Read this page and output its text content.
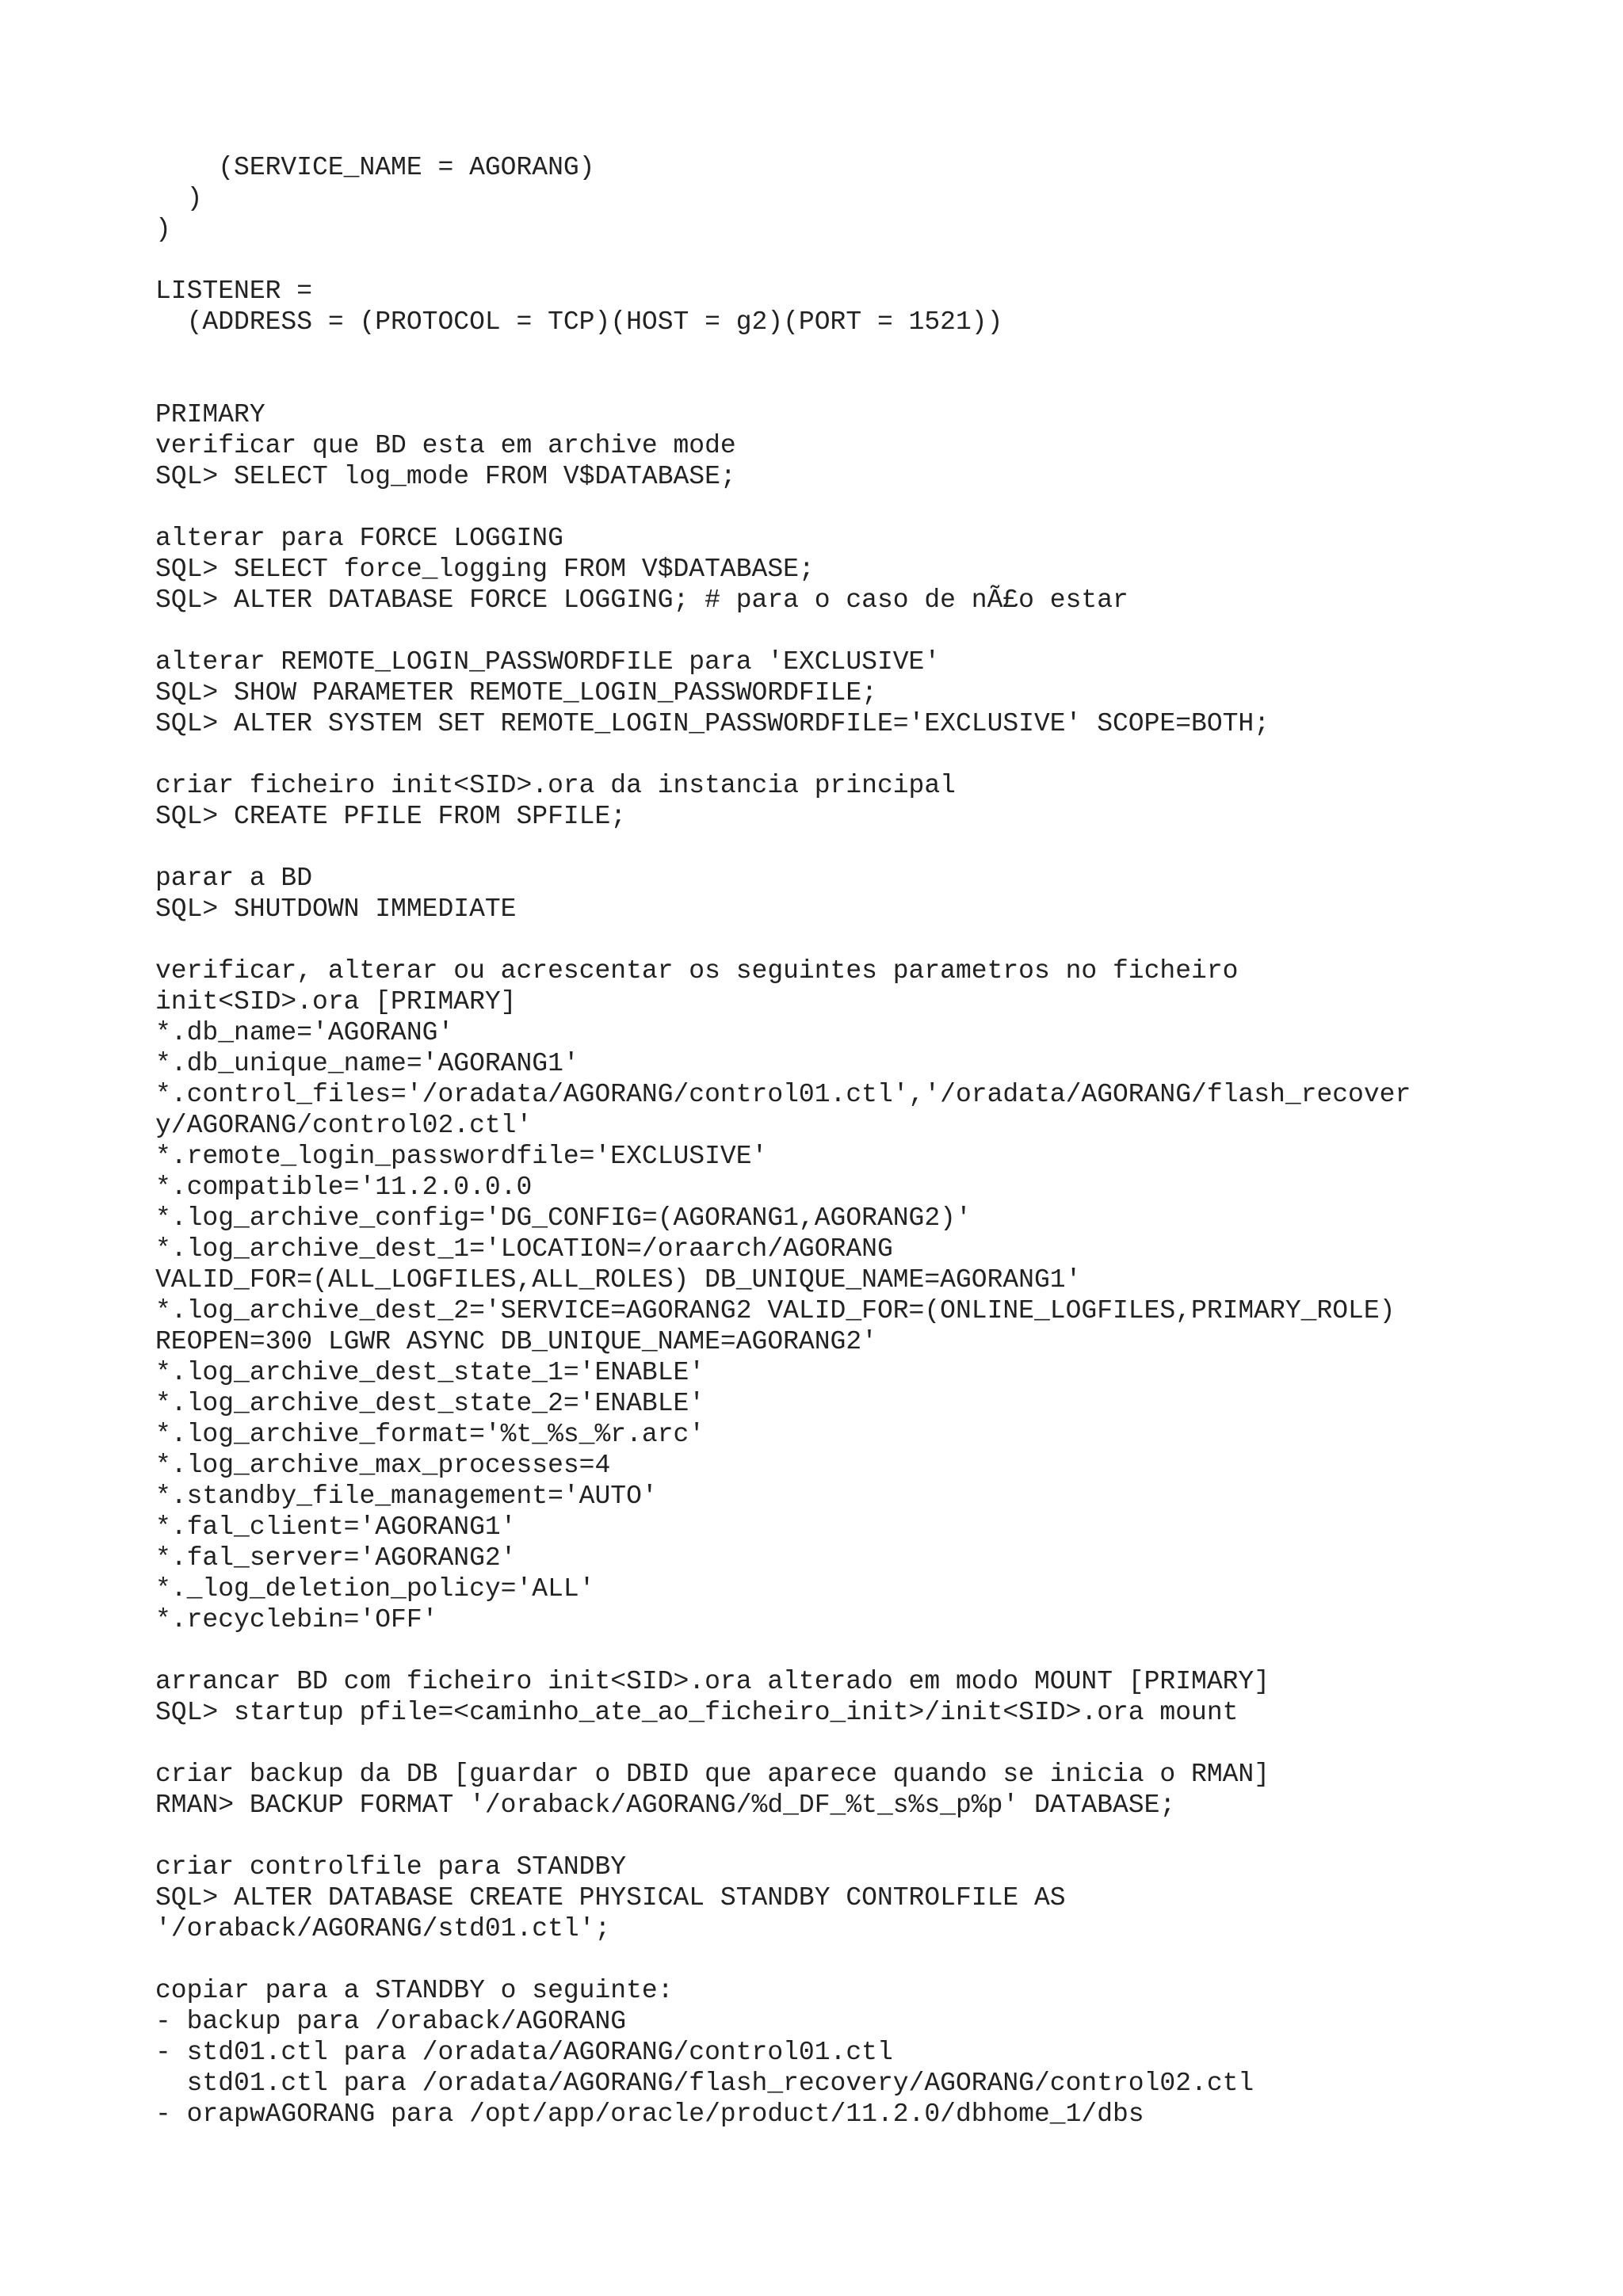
(SERVICE_NAME = AGORANG)
)
)

LISTENER =
(ADDRESS = (PROTOCOL = TCP)(HOST = g2)(PORT = 1521))

PRIMARY
verificar que BD esta em archive mode
SQL> SELECT log_mode FROM V$DATABASE;

alterar para FORCE LOGGING
SQL> SELECT force_logging FROM V$DATABASE;
SQL> ALTER DATABASE FORCE LOGGING; # para o caso de nÃ£o estar

alterar REMOTE_LOGIN_PASSWORDFILE para 'EXCLUSIVE'
SQL> SHOW PARAMETER REMOTE_LOGIN_PASSWORDFILE;
SQL> ALTER SYSTEM SET REMOTE_LOGIN_PASSWORDFILE='EXCLUSIVE' SCOPE=BOTH;

criar ficheiro init<SID>.ora da instancia principal
SQL> CREATE PFILE FROM SPFILE;

parar a BD
SQL> SHUTDOWN IMMEDIATE

verificar, alterar ou acrescentar os seguintes parametros no ficheiro
init<SID>.ora [PRIMARY]
*.db_name='AGORANG'
*.db_unique_name='AGORANG1'
*.control_files='/oradata/AGORANG/control01.ctl','/oradata/AGORANG/flash_recover
y/AGORANG/control02.ctl'
*.remote_login_passwordfile='EXCLUSIVE'
*.compatible='11.2.0.0.0
*.log_archive_config='DG_CONFIG=(AGORANG1,AGORANG2)'
*.log_archive_dest_1='LOCATION=/oraarch/AGORANG
VALID_FOR=(ALL_LOGFILES,ALL_ROLES) DB_UNIQUE_NAME=AGORANG1'
*.log_archive_dest_2='SERVICE=AGORANG2 VALID_FOR=(ONLINE_LOGFILES,PRIMARY_ROLE)
REOPEN=300 LGWR ASYNC DB_UNIQUE_NAME=AGORANG2'
*.log_archive_dest_state_1='ENABLE'
*.log_archive_dest_state_2='ENABLE'
*.log_archive_format='%t_%s_%r.arc'
*.log_archive_max_processes=4
*.standby_file_management='AUTO'
*.fal_client='AGORANG1'
*.fal_server='AGORANG2'
*._log_deletion_policy='ALL'
*.recyclebin='OFF'

arrancar BD com ficheiro init<SID>.ora alterado em modo MOUNT [PRIMARY]
SQL> startup pfile=<caminho_ate_ao_ficheiro_init>/init<SID>.ora mount

criar backup da DB [guardar o DBID que aparece quando se inicia o RMAN]
RMAN> BACKUP FORMAT '/oraback/AGORANG/%d_DF_%t_s%s_p%p' DATABASE;

criar controlfile para STANDBY
SQL> ALTER DATABASE CREATE PHYSICAL STANDBY CONTROLFILE AS
'/oraback/AGORANG/std01.ctl';

copiar para a STANDBY o seguinte:
- backup para /oraback/AGORANG
- std01.ctl para /oradata/AGORANG/control01.ctl
std01.ctl para /oradata/AGORANG/flash_recovery/AGORANG/control02.ctl
- orapwAGORANG para /opt/app/oracle/product/11.2.0/dbhome_1/dbs
